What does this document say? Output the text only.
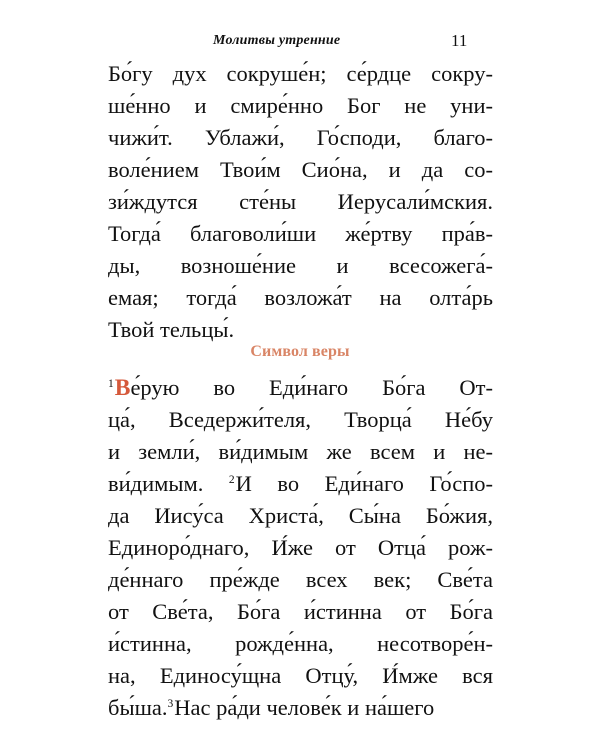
Молитвы утренние	11
Бо́гу дух сокруше́н; се́рдце сокру-
ше́нно и смире́нно Бог не уни-
чижи́т. Ублажи́, Го́споди, благо-
воле́нием Твои́м Сио́на, и да со-
зи́ждутся сте́ны Иерусали́мския.
Тогда́ благоволи́ши же́ртву пра́в-
ды, возноше́ние и всесожега́-
емая; тогда́ возложа́т на олта́рь
Твой тельцы́.
Символ веры
$^1$Ве́рую во Еди́наго Бо́га От-
ца́, Вседержи́теля, Творца́ Не́бу
и земли́, ви́димым же всем и не-
ви́димым. $^2$И во Еди́наго Го́спо-
да Иису́са Христа́, Сы́на Бо́жия,
Единоро́днаго, И́же от Отца́ рож-
де́ннаго пре́жде всех век; Све́та
от Све́та, Бо́га и́стинна от Бо́га
и́стинна, рожде́нна, несотворе́н-
на, Единосу́щна Отцу́, И́мже вся
бы́ша.$^3$Нас ра́ди челове́к и на́шего
